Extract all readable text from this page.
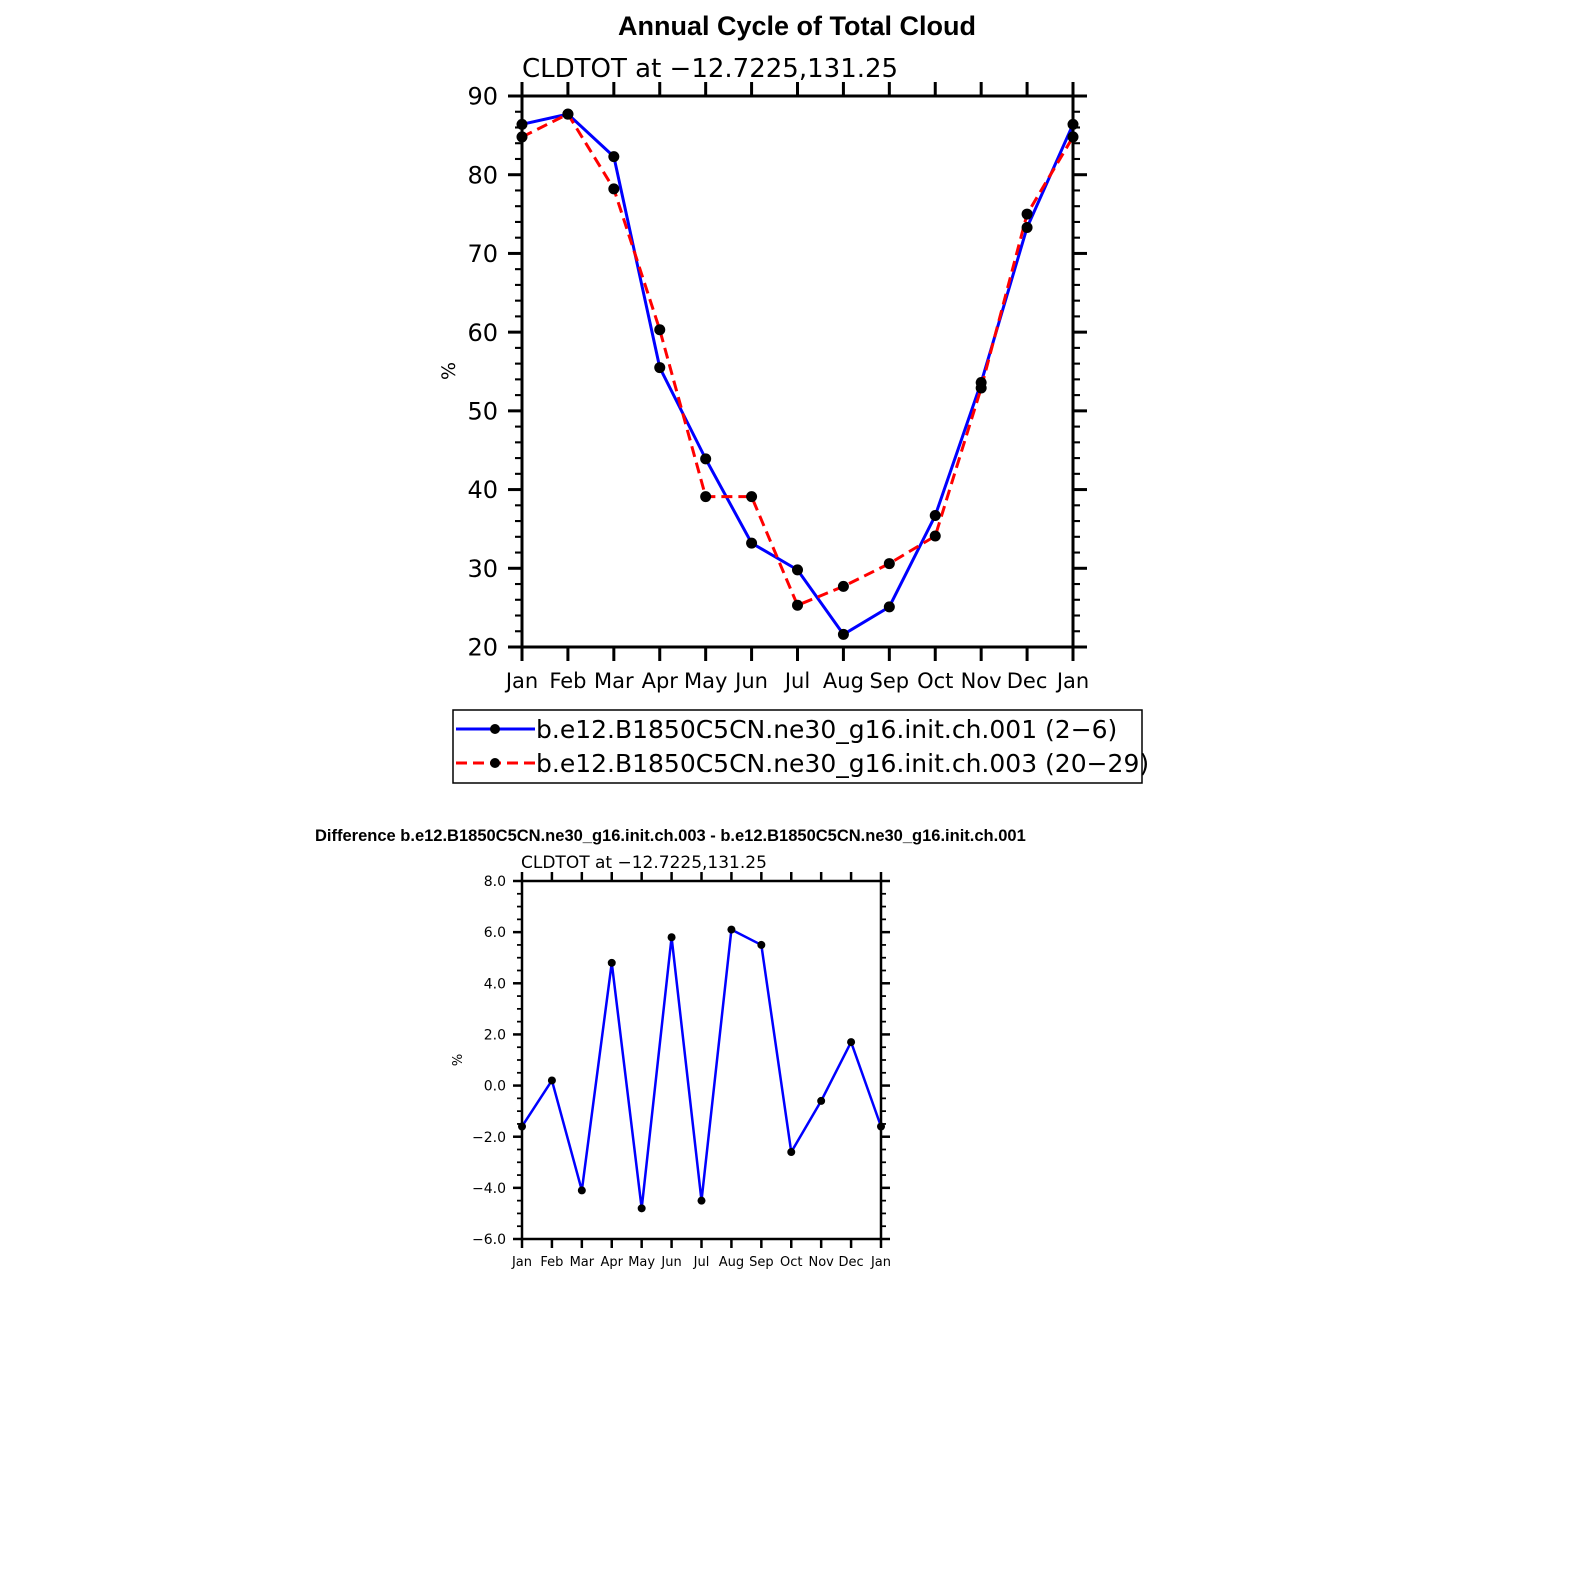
Annual Cycle of Total Cloud
CLDTOT at −12.7225,131.25
%
20
30
40
50
60
70
80
90
Jan Feb Mar Apr May Jun Jul Aug Sep Oct Nov Dec Jan
b.e12.B1850C5CN.ne30_g16.init.ch.001 (2−6)
b.e12.B1850C5CN.ne30_g16.init.ch.003 (20−29)
Difference b.e12.B1850C5CN.ne30_g16.init.ch.003 - b.e12.B1850C5CN.ne30_g16.init.ch.001
CLDTOT at −12.7225,131.25
%
−6.0
−4.0
−2.0
0.0
2.0
4.0
6.0
8.0
Jan Feb Mar Apr May Jun Jul Aug Sep Oct Nov Dec Jan
